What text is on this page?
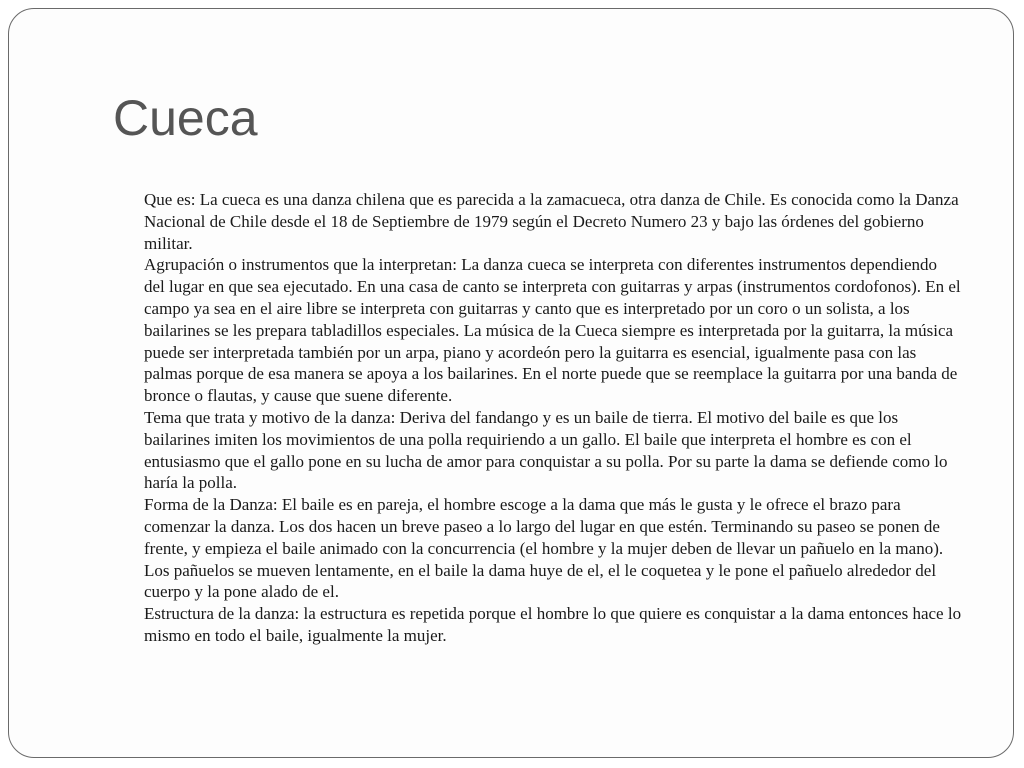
Cueca

Que es: La cueca es una danza chilena que es parecida a la zamacueca, otra danza de Chile. Es conocida como la Danza Nacional de Chile desde el 18 de Septiembre de 1979 según el Decreto Numero 23 y bajo las órdenes del gobierno militar.

Agrupación o instrumentos que la interpretan: La danza cueca se interpreta con diferentes instrumentos dependiendo del lugar en que sea ejecutado. En una casa de canto se interpreta con guitarras y arpas (instrumentos cordofonos). En el campo ya sea en el aire libre se interpreta con guitarras y canto que es interpretado por un coro o un solista, a los bailarines se les prepara tabladillos especiales. La música de la Cueca siempre es interpretada por la guitarra, la música puede ser interpretada también por un arpa, piano y acordeón pero la guitarra es esencial, igualmente pasa con las palmas porque de esa manera se apoya a los bailarines. En el norte puede que se reemplace la guitarra por una banda de bronce o flautas, y cause que suene diferente.

Tema que trata y motivo de la danza: Deriva del fandango y es un baile de tierra. El motivo del baile es que los bailarines imiten los movimientos de una polla requiriendo a un gallo. El baile que interpreta el hombre es con el entusiasmo que el gallo pone en su lucha de amor para conquistar a su polla. Por su parte la dama se defiende como lo haría la polla.

Forma de la Danza: El baile es en pareja, el hombre escoge a la dama que más le gusta y le ofrece el brazo para comenzar la danza. Los dos hacen un breve paseo a lo largo del lugar en que estén. Terminando su paseo se ponen de frente, y empieza el baile animado con la concurrencia (el hombre y la mujer deben de llevar un pañuelo en la mano). Los pañuelos se mueven lentamente, en el baile la dama huye de el, el le coquetea y le pone el pañuelo alrededor del cuerpo y la pone alado de el.

Estructura de la danza: la estructura es repetida porque el hombre lo que quiere es conquistar a la dama entonces hace lo mismo en todo el baile, igualmente la mujer.
